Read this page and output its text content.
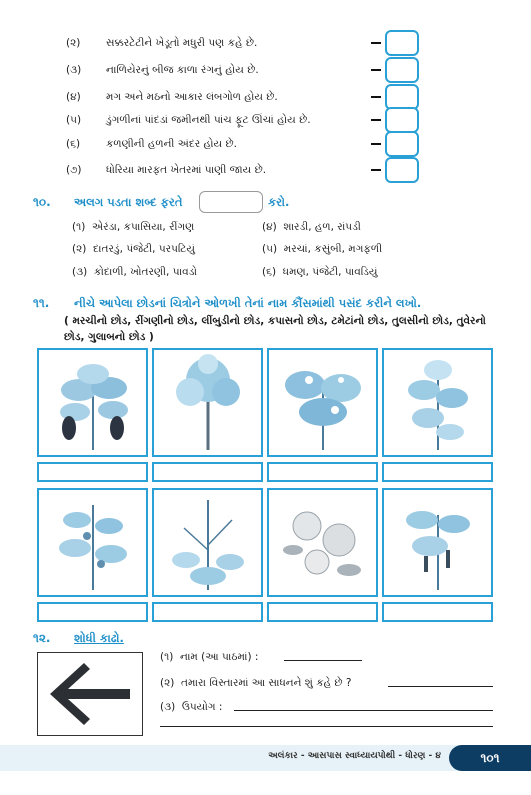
(૨) સક્કરટેટીને ખેડૂતો મધુરી પણ કહે છે.
(૩) નાળિયેરનું બીજ કાળા રંગનું હોય છે.
(૪) મગ અને મઠનો આકાર લંબગોળ હોય છે.
(૫) ડુંગળીનાં પાંદડાં જમીનથી પાંચ ફૂટ ઊંચાં હોય છે.
(૬) કળણીની હળની અંદર હોય છે.
(૭) ધોરિયા મારફત ખેતરમાં પાણી જાય છે.
૧૦. અલગ પડતા શબ્દ ફરતે	કરો.
(૧) એરંડા, કપાસિયા, રીંગણ
(૨) દાતરડું, પંજેટી, પરપટિયું
(૩) કોદાળી, ખોતરણી, પાવડો
(૪) શારડી, હળ, રાંપડી
(૫) મરચાં, કસુંબી, મગફળી
(૬) ધમણ, પંજેટી, પાવડિયું
૧૧. નીચે આપેલા છોડનાં ચિત્રોને ઓળખી તેનાં નામ કૌંસમાંથી પસંદ કરીને લખો.
( મરચીનો છોડ, રીંગણીનો છોડ, લીંબુડીનો છોડ, કપાસનો છોડ, ટમેટાંનો છોડ, તુલસીનો છોડ, તુવેરનો છોડ, ગુલાબનો છોડ )
૧૨. શોધી કાઢો.
(૧) નામ (આ પાઠમાં) :
(૨) તમારા વિસ્તારમાં આ સાધનને શું કહે છે ?
(૩) ઉપયોગ :
અલંકાર - આસપાસ સ્વાધ્યાયપોથી - ધોરણ - ૪	૧૦૧
